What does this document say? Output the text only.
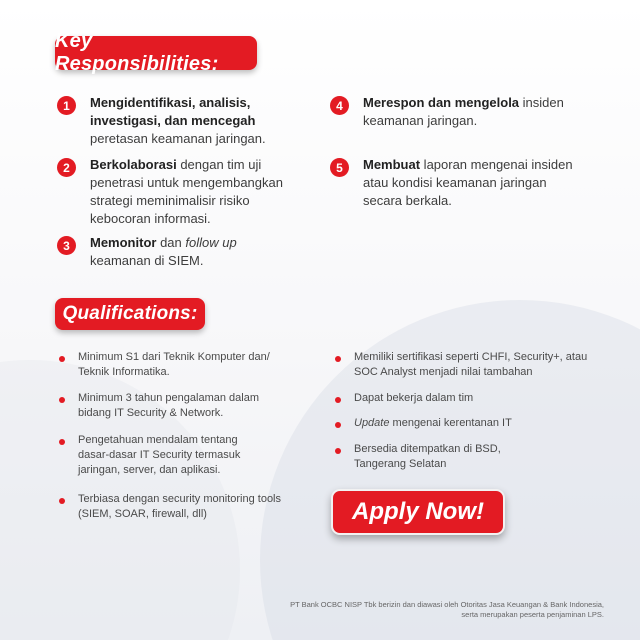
Key Responsibilities:
1	Mengidentifikasi, analisis, investigasi, dan mencegah peretasan keamanan jaringan.
2	Berkolaborasi dengan tim uji penetrasi untuk mengembangkan strategi meminimalisir risiko kebocoran informasi.
3	Memonitor dan follow up keamanan di SIEM.
4	Merespon dan mengelola insiden keamanan jaringan.
5	Membuat laporan mengenai insiden atau kondisi keamanan jaringan secara berkala.
Qualifications:
Minimum S1 dari Teknik Komputer dan/ Teknik Informatika.
Minimum 3 tahun pengalaman dalam bidang IT Security & Network.
Pengetahuan mendalam tentang dasar-dasar IT Security termasuk jaringan, server, dan aplikasi.
Terbiasa dengan security monitoring tools (SIEM, SOAR, firewall, dll)
Memiliki sertifikasi seperti CHFI, Security+, atau SOC Analyst menjadi nilai tambahan
Dapat bekerja dalam tim
Update mengenai kerentanan IT
Bersedia ditempatkan di BSD, Tangerang Selatan
Apply Now!
PT Bank OCBC NISP Tbk berizin dan diawasi oleh Otoritas Jasa Keuangan & Bank Indonesia,
serta merupakan peserta penjaminan LPS.
